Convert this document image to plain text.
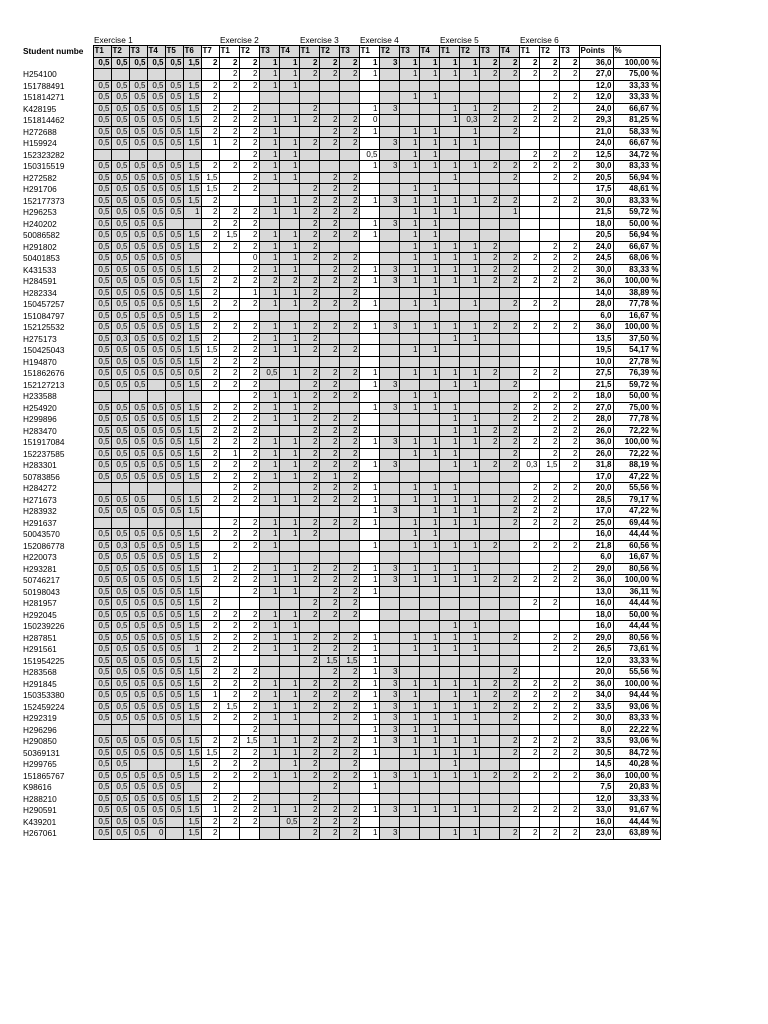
	Exercise 1							Exercise 2				Exercise 3			Exercise 4				Exercise 5				Exercise 6				
Student numbe	T1	T2	T3	T4	T5	T6	T7	T1	T2	T3	T4	T1	T2	T3	T1	T2	T3	T4	T1	T2	T3	T4	T1	T2	T3	Points	%
	0,5	0,5	0,5	0,5	0,5	1,5	2	2	2	1	1	2	2	2	1	3	1	1	1	1	2	2	2	2	2	36,0	100,00 %
H254100								2	2	1	1	2	2	2	1		1	1	1	1	2	2	2	2	2	27,0	75,00 %
151788491	0,5	0,5	0,5	0,5	0,5	1,5	2	2	2	1	1															12,0	33,33 %
151814271	0,5	0,5	0,5	0,5	0,5	1,5	2										1	1						2	2	12,0	33,33 %
K428195	0,5	0,5	0,5	0,5	0,5	1,5	2	2	2			2			1	3			1	1	2		2	2		24,0	66,67 %
151814462	0,5	0,5	0,5	0,5	0,5	1,5	2	2	2	1	1	2	2	2	0				1	0,3	2	2	2	2	2	29,3	81,25 %
H272688	0,5	0,5	0,5	0,5	0,5	1,5	2	2	2	1			2	2	1		1	1		1		2				21,0	58,33 %
H159924	0,5	0,5	0,5	0,5	0,5	1,5	1	2	2	1	1	2	2	2		3	1	1	1	1						24,0	66,67 %
152323282									2	1	1				0,5		1	1					2	2	2	12,5	34,72 %
150315519	0,5	0,5	0,5	0,5	0,5	1,5	2	2	2	1	1				1	3	1	1	1	1	2	2	2	2	2	30,0	83,33 %
H272582	0,5	0,5	0,5	0,5	0,5	1,5	1,5		2	1	1		2	2					1			2		2	2	20,5	56,94 %
H291706	0,5	0,5	0,5	0,5	0,5	1,5	1,5	2	2			2	2	2			1	1								17,5	48,61 %
152177373	0,5	0,5	0,5	0,5	0,5	1,5	2			1	1	2	2	2	1	3	1	1	1	1	2	2		2	2	30,0	83,33 %
H296253	0,5	0,5	0,5	0,5	0,5	1	2	2	2	1	1	2	2	2			1	1	1			1				21,5	59,72 %
H240202	0,5	0,5	0,5	0,5			2	2	2			2	2		1	3	1	1								18,0	50,00 %
50086582	0,5	0,5	0,5	0,5	0,5	1,5	2	1,5	2	1	1	2	2	2	1		1	1								20,5	56,94 %
H291802	0,5	0,5	0,5	0,5	0,5	1,5	2	2	2	1	1	2					1	1	1	1	2			2	2	24,0	66,67 %
50401853	0,5	0,5	0,5	0,5	0,5				0	1	1	2	2	2			1	1	1	1	2	2	2	2	2	24,5	68,06 %
K431533	0,5	0,5	0,5	0,5	0,5	1,5	2		2	1	1		2	2	1	3	1	1	1	1	2	2		2	2	30,0	83,33 %
H284591	0,5	0,5	0,5	0,5	0,5	1,5	2	2	2	2	2	2	2	2	1	3	1	1	1	1	2	2	2	2	2	36,0	100,00 %
H282334	0,5	0,5	0,5	0,5	0,5	1,5	2		1	1	1	2		2				1								14,0	38,89 %
150457257	0,5	0,5	0,5	0,5	0,5	1,5	2	2	2	1	1	2	2	2	1		1	1		1		2	2	2		28,0	77,78 %
151084797	0,5	0,5	0,5	0,5	0,5	1,5	2																			6,0	16,67 %
152125532	0,5	0,5	0,5	0,5	0,5	1,5	2	2	2	1	1	2	2	2	1	3	1	1	1	1	2	2	2	2	2	36,0	100,00 %
H275173	0,5	0,3	0,5	0,5	0,2	1,5	2		2	1	1	2							1	1						13,5	37,50 %
150425043	0,5	0,5	0,5	0,5	0,5	1,5	1,5	2	2	1	1	2	2	2			1	1								19,5	54,17 %
H194870	0,5	0,5	0,5	0,5	0,5	1,5	2	2	2																	10,0	27,78 %
151862676	0,5	0,5	0,5	0,5	0,5	0,5	2	2	2	0,5	1	2	2	2	1		1	1	1	1	2		2	2		27,5	76,39 %
152127213	0,5	0,5	0,5		0,5	1,5	2	2	2			2	2		1	3			1	1		2				21,5	59,72 %
H233588									2	1	1	2	2	2			1	1					2	2	2	18,0	50,00 %
H254920	0,5	0,5	0,5	0,5	0,5	1,5	2	2	2	1	1	2			1	3	1	1	1			2	2	2	2	27,0	75,00 %
H299896	0,5	0,5	0,5	0,5	0,5	1,5	2	2	2	1	1	2	2	2					1	1		2	2	2	2	28,0	77,78 %
H283470	0,5	0,5	0,5	0,5	0,5	1,5	2	2	2			2	2	2					1	1	2	2		2	2	26,0	72,22 %
151917084	0,5	0,5	0,5	0,5	0,5	1,5	2	2	2	1	1	2	2	2	1	3	1	1	1	1	2	2	2	2	2	36,0	100,00 %
152237585	0,5	0,5	0,5	0,5	0,5	1,5	2	1	2	1	1	2	2	2			1	1	1			2		2	2	26,0	72,22 %
H283301	0,5	0,5	0,5	0,5	0,5	1,5	2	2	2	1	1	2	2	2	1	3			1	1	2	2	0,3	1,5	2	31,8	88,19 %
50783856	0,5	0,5	0,5	0,5	0,5	1,5	2	2	2	1	1	2	1	2												17,0	47,22 %
H284272								2	2			2	2	2	1		1	1	1				2	2	2	20,0	55,56 %
H271673	0,5	0,5	0,5		0,5	1,5	2	2	2	1	1	2	2	2	1		1	1	1	1		2	2	2		28,5	79,17 %
H283932	0,5	0,5	0,5	0,5	0,5	1,5									1	3		1	1	1		2	2	2		17,0	47,22 %
H291637								2	2	1	1	2	2	2	1		1	1	1	1		2	2	2	2	25,0	69,44 %
50043570	0,5	0,5	0,5	0,5	0,5	1,5	2	2	2	1	1	2					1	1								16,0	44,44 %
152086778	0,5	0,3	0,5	0,5	0,5	1,5		2	2	1					1		1	1	1	1	2		2	2	2	21,8	60,56 %
H220073	0,5	0,5	0,5	0,5	0,5	1,5	2																			6,0	16,67 %
H293281	0,5	0,5	0,5	0,5	0,5	1,5	1	2	2	1	1	2	2	2	1	3	1	1	1	1				2	2	29,0	80,56 %
50746217	0,5	0,5	0,5	0,5	0,5	1,5	2	2	2	1	1	2	2	2	1	3	1	1	1	1	2	2	2	2	2	36,0	100,00 %
50198043	0,5	0,5	0,5	0,5	0,5	1,5			2	1	1		2	2	1											13,0	36,11 %
H281957	0,5	0,5	0,5	0,5	0,5	1,5	2					2	2	2									2	2		16,0	44,44 %
H292045	0,5	0,5	0,5	0,5	0,5	1,5	2	2	2	1	1	2	2	2												18,0	50,00 %
150239226	0,5	0,5	0,5	0,5	0,5	1,5	2	2	2	1	1								1	1						16,0	44,44 %
H287851	0,5	0,5	0,5	0,5	0,5	1,5	2	2	2	1	1	2	2	2	1		1	1	1	1		2		2	2	29,0	80,56 %
H291561	0,5	0,5	0,5	0,5	0,5	1	2	2	2	1	1	2	2	2	1		1	1	1	1				2	2	26,5	73,61 %
151954225	0,5	0,5	0,5	0,5	0,5	1,5	2					2	1,5	1,5	1											12,0	33,33 %
H283568	0,5	0,5	0,5	0,5	0,5	1,5	2	2	2				2	2	1	3						2				20,0	55,56 %
H291845	0,5	0,5	0,5	0,5	0,5	1,5	2	2	2	1	1	2	2	2	1	3	1	1	1	1	2	2	2	2	2	36,0	100,00 %
150353380	0,5	0,5	0,5	0,5	0,5	1,5	1	2	2	1	1	2	2	2	1	3	1		1	1	2	2	2	2	2	34,0	94,44 %
152459224	0,5	0,5	0,5	0,5	0,5	1,5	2	1,5	2	1	1	2	2	2	1	3	1	1	1	1	2	2	2	2	2	33,5	93,06 %
H292319	0,5	0,5	0,5	0,5	0,5	1,5	2	2	2	1	1		2	2	1	3	1	1	1	1		2		2	2	30,0	83,33 %
H296296									2						1	3	1	1								8,0	22,22 %
H290850	0,5	0,5	0,5	0,5	0,5	1,5	2	2	1,5	1	1	2	2	2	1	3	1	1	1	1		2	2	2	2	33,5	93,06 %
50369131	0,5	0,5	0,5	0,5	0,5	1,5	1,5	2	2	1	1	2	2	2	1		1	1	1	1		2	2	2	2	30,5	84,72 %
H299765	0,5	0,5				1,5	2	2	2		1	2		2					1							14,5	40,28 %
151865767	0,5	0,5	0,5	0,5	0,5	1,5	2	2	2	1	1	2	2	2	1	3	1	1	1	1	2	2	2	2	2	36,0	100,00 %
K98616	0,5	0,5	0,5	0,5	0,5		2						2		1											7,5	20,83 %
H288210	0,5	0,5	0,5	0,5	0,5	1,5	2	2	2			2														12,0	33,33 %
H290591	0,5	0,5	0,5	0,5	0,5	1,5	1	2	2	1	1	2	2	2	1	3	1	1	1	1		2	2	2	2	33,0	91,67 %
K439201	0,5	0,5	0,5	0,5		1,5	2	2	2		0,5	2	2	2												16,0	44,44 %
H267061	0,5	0,5	0,5	0		1,5	2					2	2	2	1	3			1	1		2	2	2	2	23,0	63,89 %
